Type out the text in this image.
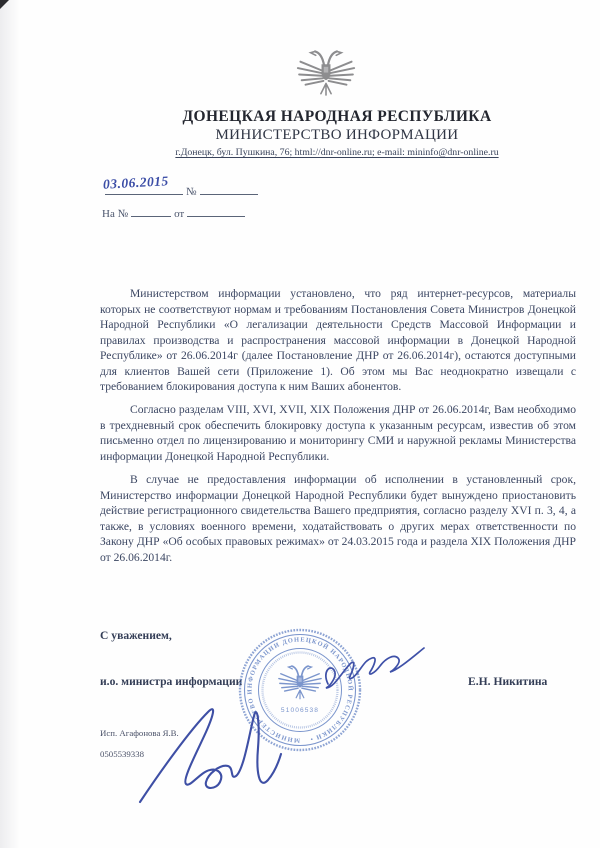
ДОНЕЦКАЯ НАРОДНАЯ РЕСПУБЛИКА
МИНИСТЕРСТВО ИНФОРМАЦИИ
г.Донецк, бул. Пушкина, 76; html://dnr-online.ru; e-mail: mininfo@dnr-online.ru
03.06.2015
№
На №	от

Министерством информации установлено, что ряд интернет-ресурсов, материалы которых не соответствуют нормам и требованиям Постановления Совета Министров Донецкой Народной Республики «О легализации деятельности Средств Массовой Информации и правилах производства и распространения массовой информации в Донецкой Народной Республике» от 26.06.2014г (далее Постановление ДНР от 26.06.2014г), остаются доступными для клиентов Вашей сети (Приложение 1). Об этом мы Вас неоднократно извещали с требованием блокирования доступа к ним Ваших абонентов.

Согласно разделам VIII, XVI, XVII, XIX Положения ДНР от 26.06.2014г, Вам необходимо в трехдневный срок обеспечить блокировку доступа к указанным ресурсам, известив об этом письменно отдел по лицензированию и мониторингу СМИ и наружной рекламы Министерства информации Донецкой Народной Республики.

В случае не предоставления информации об исполнении в установленный срок, Министерство информации Донецкой Народной Республики будет вынуждено приостановить действие регистрационного свидетельства Вашего предприятия, согласно разделу XVI п. 3, 4, а также, в условиях военного времени, ходатайствовать о других мерах ответственности по Закону ДНР «Об особых правовых режимах» от 24.03.2015 года и раздела XIX Положения ДНР от 26.06.2014г.

С уважением,
и.о. министра информации	Е.Н. Никитина
МИНИСТЕРСТВО ИНФОРМАЦИИ ДОНЕЦКОЙ НАРОДНОЙ РЕСПУБЛИКИ •
51006538
Исп. Агафонова Я.В.
0505539338
